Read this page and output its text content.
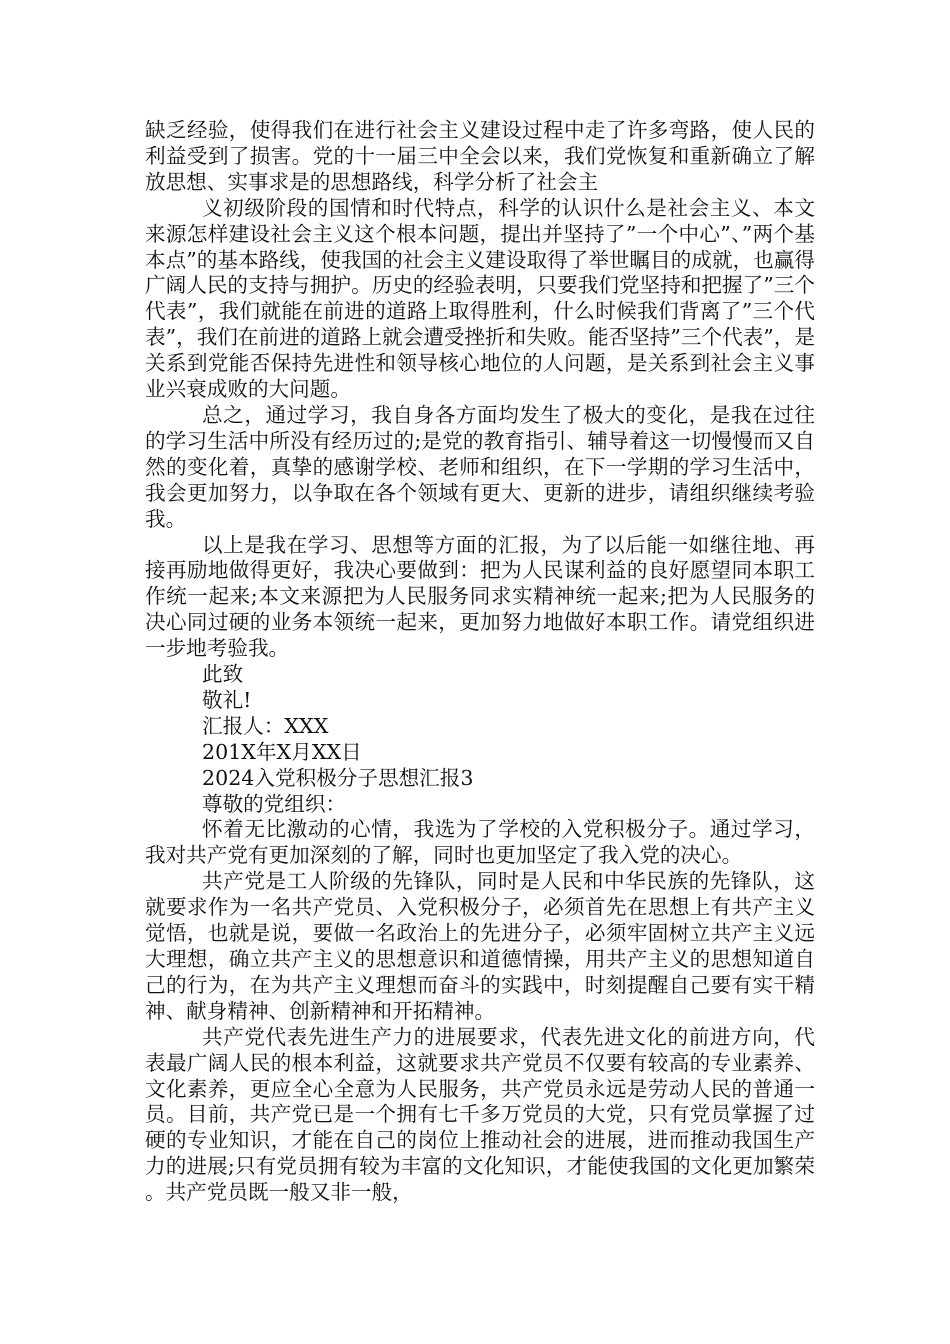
缺乏经验，使得我们在进行社会主义建设过程中走了许多弯路，使人民的利益受到了损害。党的十一届三中全会以来，我们党恢复和重新确立了解放思想、实事求是的思想路线，科学分析了社会主

义初级阶段的国情和时代特点，科学的认识什么是社会主义、本文来源怎样建设社会主义这个根本问题，提出并坚持了”一个中心”、”两个基本点”的基本路线，使我国的社会主义建设取得了举世瞩目的成就，也赢得广阔人民的支持与拥护。历史的经验表明，只要我们党坚持和把握了”三个代表”，我们就能在前进的道路上取得胜利，什么时候我们背离了”三个代表”，我们在前进的道路上就会遭受挫折和失败。能否坚持”三个代表”，是关系到党能否保持先进性和领导核心地位的人问题，是关系到社会主义事业兴衰成败的大问题。

总之，通过学习，我自身各方面均发生了极大的变化，是我在过往的学习生活中所没有经历过的;是党的教育指引、辅导着这一切慢慢而又自然的变化着，真挚的感谢学校、老师和组织，在下一学期的学习生活中，我会更加努力，以争取在各个领域有更大、更新的进步，请组织继续考验我。

以上是我在学习、思想等方面的汇报，为了以后能一如继往地、再接再励地做得更好，我决心要做到：把为人民谋利益的良好愿望同本职工作统一起来;本文来源把为人民服务同求实精神统一起来;把为人民服务的决心同过硬的业务本领统一起来，更加努力地做好本职工作。请党组织进一步地考验我。

此致

敬礼!

汇报人：XXX

201X年X月XX日

2024入党积极分子思想汇报3

尊敬的党组织：

怀着无比激动的心情，我选为了学校的入党积极分子。通过学习，我对共产党有更加深刻的了解，同时也更加坚定了我入党的决心。

共产党是工人阶级的先锋队，同时是人民和中华民族的先锋队，这就要求作为一名共产党员、入党积极分子，必须首先在思想上有共产主义觉悟，也就是说，要做一名政治上的先进分子，必须牢固树立共产主义远大理想，确立共产主义的思想意识和道德情操，用共产主义的思想知道自己的行为，在为共产主义理想而奋斗的实践中，时刻提醒自己要有实干精神、献身精神、创新精神和开拓精神。

共产党代表先进生产力的进展要求，代表先进文化的前进方向，代表最广阔人民的根本利益，这就要求共产党员不仅要有较高的专业素养、文化素养，更应全心全意为人民服务，共产党员永远是劳动人民的普通一员。目前，共产党已是一个拥有七千多万党员的大党，只有党员掌握了过硬的专业知识，才能在自己的岗位上推动社会的进展，进而推动我国生产力的进展;只有党员拥有较为丰富的文化知识，才能使我国的文化更加繁荣。共产党员既一般又非一般，
